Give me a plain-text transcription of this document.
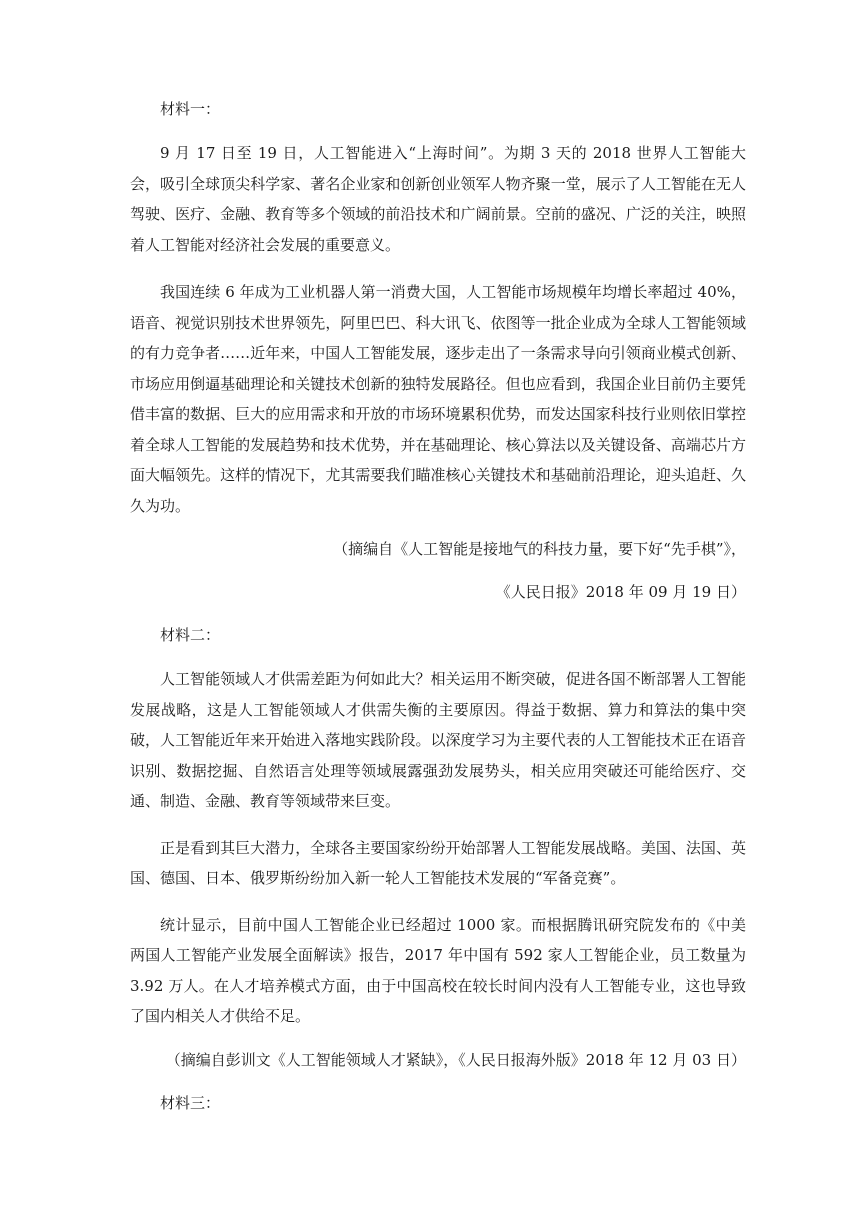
材料一：

9 月 17 日至 19 日，人工智能进入“上海时间”。为期 3 天的 2018 世界人工智能大会，吸引全球顶尖科学家、著名企业家和创新创业领军人物齐聚一堂，展示了人工智能在无人驾驶、医疗、金融、教育等多个领域的前沿技术和广阔前景。空前的盛况、广泛的关注，映照着人工智能对经济社会发展的重要意义。

我国连续 6 年成为工业机器人第一消费大国，人工智能市场规模年均增长率超过 40%，语音、视觉识别技术世界领先，阿里巴巴、科大讯飞、依图等一批企业成为全球人工智能领域的有力竞争者……近年来，中国人工智能发展，逐步走出了一条需求导向引领商业模式创新、市场应用倒逼基础理论和关键技术创新的独特发展路径。但也应看到，我国企业目前仍主要凭借丰富的数据、巨大的应用需求和开放的市场环境累积优势，而发达国家科技行业则依旧掌控着全球人工智能的发展趋势和技术优势，并在基础理论、核心算法以及关键设备、高端芯片方面大幅领先。这样的情况下，尤其需要我们瞄准核心关键技术和基础前沿理论，迎头追赶、久久为功。

（摘编自《人工智能是接地气的科技力量，要下好“先手棋”》，

《人民日报》2018 年 09 月 19 日）

材料二：

人工智能领域人才供需差距为何如此大？相关运用不断突破，促进各国不断部署人工智能发展战略，这是人工智能领域人才供需失衡的主要原因。得益于数据、算力和算法的集中突破，人工智能近年来开始进入落地实践阶段。以深度学习为主要代表的人工智能技术正在语音识别、数据挖掘、自然语言处理等领域展露强劲发展势头，相关应用突破还可能给医疗、交通、制造、金融、教育等领域带来巨变。

正是看到其巨大潜力，全球各主要国家纷纷开始部署人工智能发展战略。美国、法国、英国、德国、日本、俄罗斯纷纷加入新一轮人工智能技术发展的“军备竞赛”。

统计显示，目前中国人工智能企业已经超过 1000 家。而根据腾讯研究院发布的《中美两国人工智能产业发展全面解读》报告，2017 年中国有 592 家人工智能企业，员工数量为 3.92 万人。在人才培养模式方面，由于中国高校在较长时间内没有人工智能专业，这也导致了国内相关人才供给不足。

（摘编自彭训文《人工智能领域人才紧缺》，《人民日报海外版》2018 年 12 月 03 日）

材料三：
